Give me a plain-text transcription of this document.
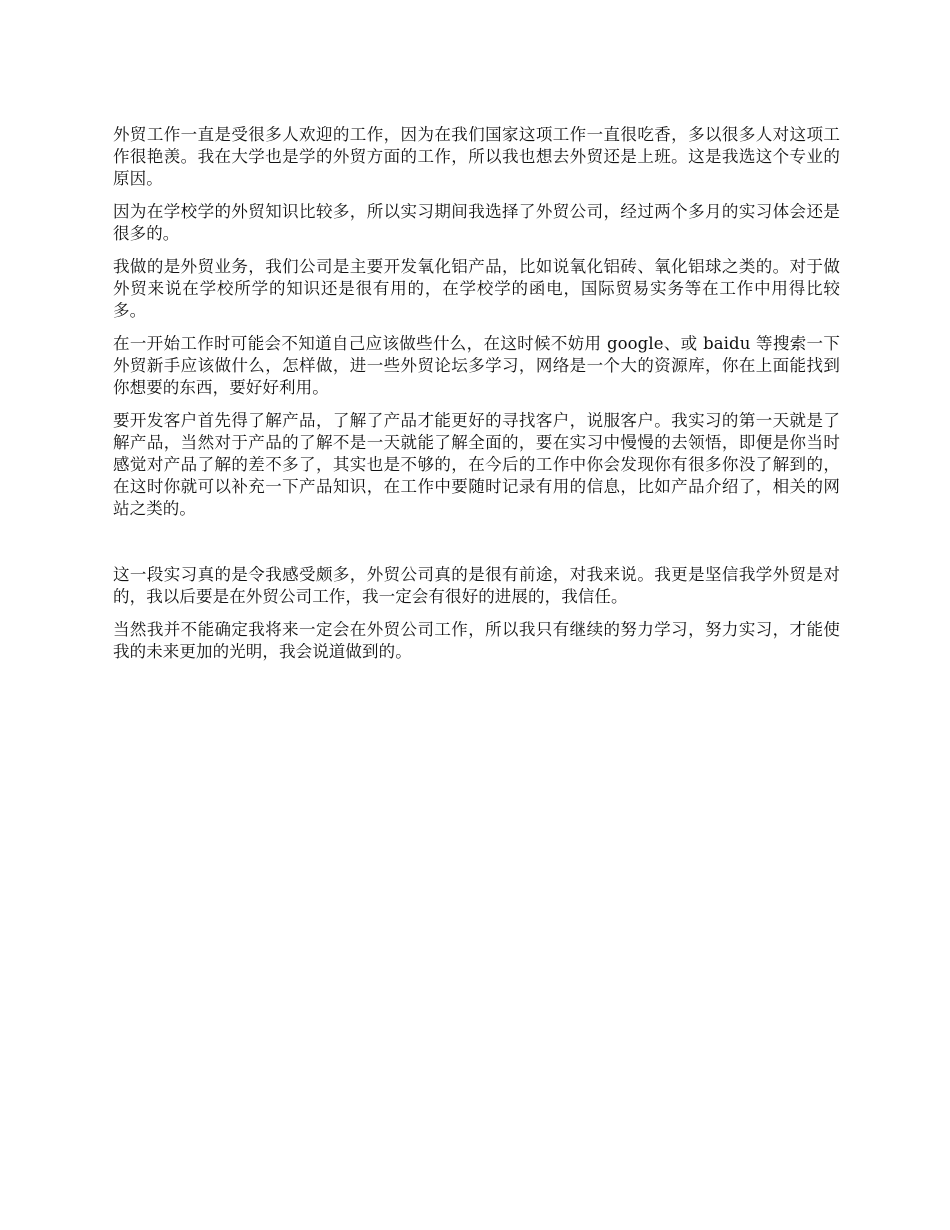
外贸工作一直是受很多人欢迎的工作，因为在我们国家这项工作一直很吃香，多以很多人对这项工作很艳羡。我在大学也是学的外贸方面的工作，所以我也想去外贸还是上班。这是我选这个专业的原因。

因为在学校学的外贸知识比较多，所以实习期间我选择了外贸公司，经过两个多月的实习体会还是很多的。

我做的是外贸业务，我们公司是主要开发氧化铝产品，比如说氧化铝砖、氧化铝球之类的。对于做外贸来说在学校所学的知识还是很有用的，在学校学的函电，国际贸易实务等在工作中用得比较多。

在一开始工作时可能会不知道自己应该做些什么，在这时候不妨用 google、或 baidu 等搜索一下外贸新手应该做什么，怎样做，进一些外贸论坛多学习，网络是一个大的资源库，你在上面能找到你想要的东西，要好好利用。

要开发客户首先得了解产品，了解了产品才能更好的寻找客户，说服客户。我实习的第一天就是了解产品，当然对于产品的了解不是一天就能了解全面的，要在实习中慢慢的去领悟，即便是你当时感觉对产品了解的差不多了，其实也是不够的，在今后的工作中你会发现你有很多你没了解到的，在这时你就可以补充一下产品知识，在工作中要随时记录有用的信息，比如产品介绍了，相关的网站之类的。

这一段实习真的是令我感受颇多，外贸公司真的是很有前途，对我来说。我更是坚信我学外贸是对的，我以后要是在外贸公司工作，我一定会有很好的进展的，我信任。

当然我并不能确定我将来一定会在外贸公司工作，所以我只有继续的努力学习，努力实习，才能使我的未来更加的光明，我会说道做到的。
